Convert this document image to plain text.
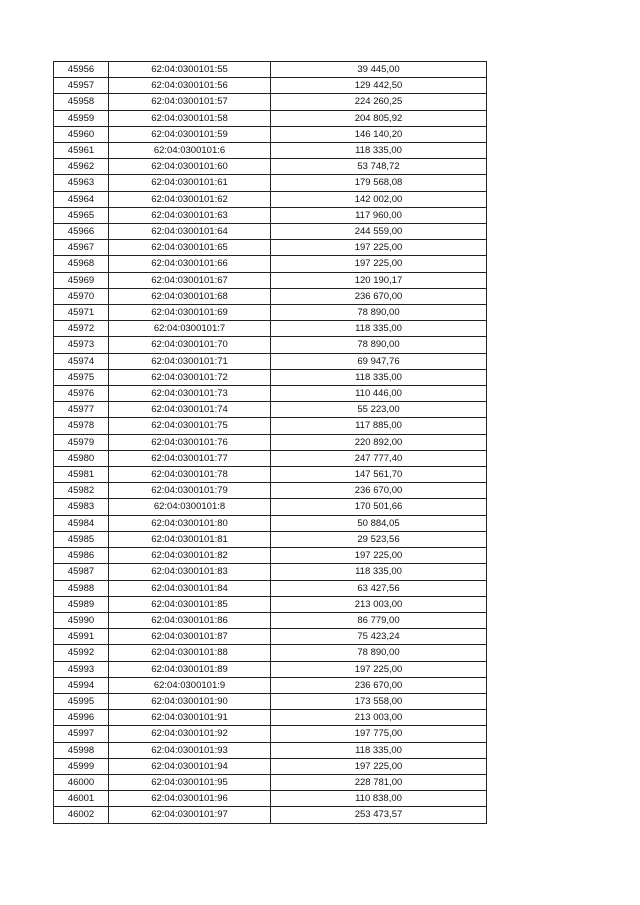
45956	62:04:0300101:55	39 445,00
45957	62:04:0300101:56	129 442,50
45958	62:04:0300101:57	224 260,25
45959	62:04:0300101:58	204 805,92
45960	62:04:0300101:59	146 140,20
45961	62:04:0300101:6	118 335,00
45962	62:04:0300101:60	53 748,72
45963	62:04:0300101:61	179 568,08
45964	62:04:0300101:62	142 002,00
45965	62:04:0300101:63	117 960,00
45966	62:04:0300101:64	244 559,00
45967	62:04:0300101:65	197 225,00
45968	62:04:0300101:66	197 225,00
45969	62:04:0300101:67	120 190,17
45970	62:04:0300101:68	236 670,00
45971	62:04:0300101:69	78 890,00
45972	62:04:0300101:7	118 335,00
45973	62:04:0300101:70	78 890,00
45974	62:04:0300101:71	69 947,76
45975	62:04:0300101:72	118 335,00
45976	62:04:0300101:73	110 446,00
45977	62:04:0300101:74	55 223,00
45978	62:04:0300101:75	117 885,00
45979	62:04:0300101:76	220 892,00
45980	62:04:0300101:77	247 777,40
45981	62:04:0300101:78	147 561,70
45982	62:04:0300101:79	236 670,00
45983	62:04:0300101:8	170 501,66
45984	62:04:0300101:80	50 884,05
45985	62:04:0300101:81	29 523,56
45986	62:04:0300101:82	197 225,00
45987	62:04:0300101:83	118 335,00
45988	62:04:0300101:84	63 427,56
45989	62:04:0300101:85	213 003,00
45990	62:04:0300101:86	86 779,00
45991	62:04:0300101:87	75 423,24
45992	62:04:0300101:88	78 890,00
45993	62:04:0300101:89	197 225,00
45994	62:04:0300101:9	236 670,00
45995	62:04:0300101:90	173 558,00
45996	62:04:0300101:91	213 003,00
45997	62:04:0300101:92	197 775,00
45998	62:04:0300101:93	118 335,00
45999	62:04:0300101:94	197 225,00
46000	62:04:0300101:95	228 781,00
46001	62:04:0300101:96	110 838,00
46002	62:04:0300101:97	253 473,57
